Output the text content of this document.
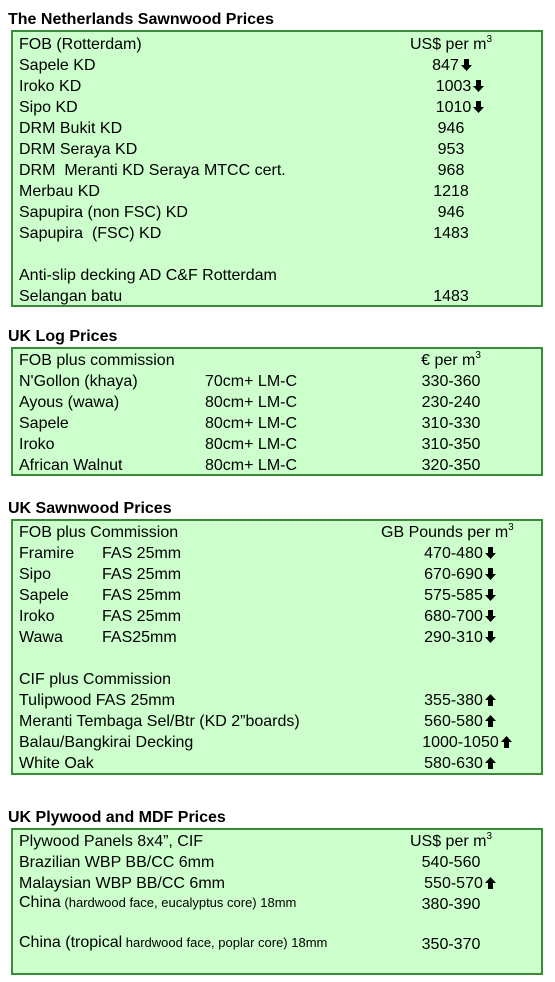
The Netherlands Sawnwood Prices
FOB (Rotterdam)	US$ per $m^3$
Sapele KD	847
Iroko KD	1003
Sipo KD	1010
DRM Bukit KD	946
DRM Seraya KD	953
DRM  Meranti KD Seraya MTCC cert.	968
Merbau KD	1218
Sapupira (non FSC) KD	946
Sapupira  (FSC) KD	1483
Anti-slip decking AD C&F Rotterdam
Selangan batu	1483
UK Log Prices
FOB plus commission	€ per $m^3$
N'Gollon (khaya)	70cm+ LM-C	330-360
Ayous (wawa)	80cm+ LM-C	230-240
Sapele	80cm+ LM-C	310-330
Iroko	80cm+ LM-C	310-350
African Walnut	80cm+ LM-C	320-350
UK Sawnwood Prices
FOB plus Commission	GB Pounds per $m^3$
Framire FAS 25mm	470-480
Sipo	FAS 25mm	670-690
Sapele FAS 25mm	575-585
Iroko	FAS 25mm	680-700
Wawa FAS25mm	290-310
CIF plus Commission
Tulipwood FAS 25mm	355-380
Meranti Tembaga Sel/Btr (KD 2”boards)	560-580
Balau/Bangkirai Decking	1000-1050
White Oak	580-630
UK Plywood and MDF Prices
Plywood Panels 8x4”, CIF	US$ per $m^3$
Brazilian WBP BB/CC 6mm	540-560
Malaysian WBP BB/CC 6mm	550-570
China (hardwood face, eucalyptus core) 18mm	380-390
China (tropical hardwood face, poplar core) 18mm	350-370
